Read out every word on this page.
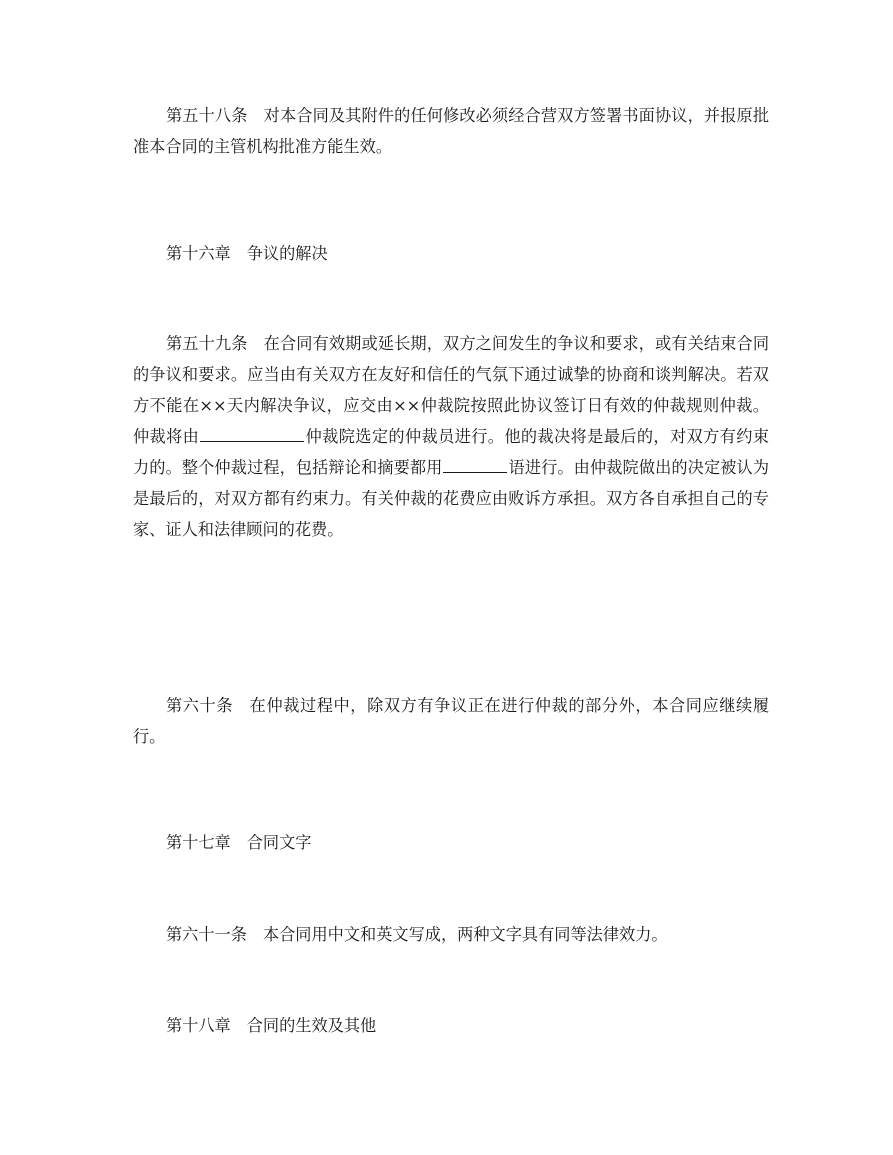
第五十八条 对本合同及其附件的任何修改必须经合营双方签署书面协议，并报原批准本合同的主管机构批准方能生效。

第十六章 争议的解决

第五十九条 在合同有效期或延长期，双方之间发生的争议和要求，或有关结束合同的争议和要求。应当由有关双方在友好和信任的气氛下通过诚挚的协商和谈判解决。若双方不能在××天内解决争议，应交由××仲裁院按照此协议签订日有效的仲裁规则仲裁。仲裁将由	仲裁院选定的仲裁员进行。他的裁决将是最后的，对双方有约束力的。整个仲裁过程，包括辩论和摘要都用	语进行。由仲裁院做出的决定被认为是最后的，对双方都有约束力。有关仲裁的花费应由败诉方承担。双方各自承担自己的专家、证人和法律顾问的花费。

第六十条 在仲裁过程中，除双方有争议正在进行仲裁的部分外，本合同应继续履行。

第十七章 合同文字

第六十一条 本合同用中文和英文写成，两种文字具有同等法律效力。

第十八章 合同的生效及其他
